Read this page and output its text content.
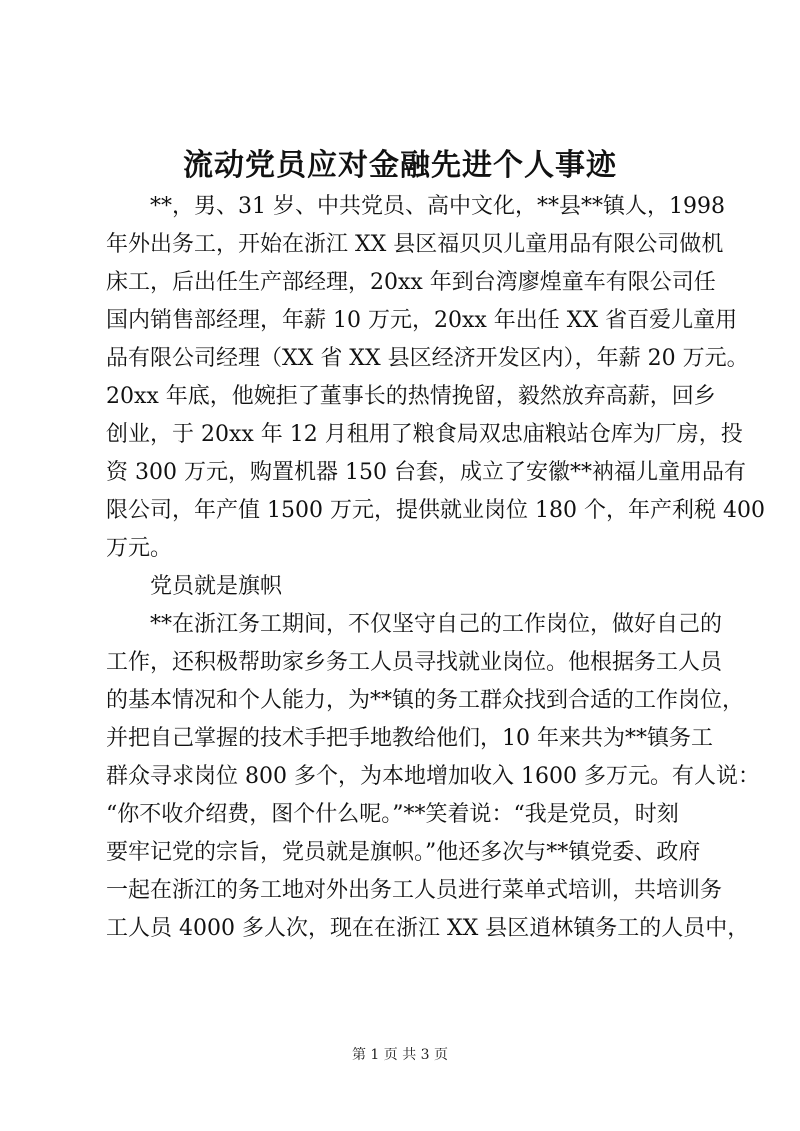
流动党员应对金融先进个人事迹
**，男、31 岁、中共党员、高中文化，**县**镇人，1998
年外出务工，开始在浙江 XX 县区福贝贝儿童用品有限公司做机
床工，后出任生产部经理，20xx 年到台湾廖煌童车有限公司任
国内销售部经理，年薪 10 万元，20xx 年出任 XX 省百爱儿童用
品有限公司经理（XX 省 XX 县区经济开发区内），年薪 20 万元。
20xx 年底，他婉拒了董事长的热情挽留，毅然放弃高薪，回乡
创业，于 20xx 年 12 月租用了粮食局双忠庙粮站仓库为厂房，投
资 300 万元，购置机器 150 台套，成立了安徽**衲福儿童用品有
限公司，年产值 1500 万元，提供就业岗位 180 个，年产利税 400
万元。
党员就是旗帜
**在浙江务工期间，不仅坚守自己的工作岗位，做好自己的
工作，还积极帮助家乡务工人员寻找就业岗位。他根据务工人员
的基本情况和个人能力，为**镇的务工群众找到合适的工作岗位，
并把自己掌握的技术手把手地教给他们，10 年来共为**镇务工
群众寻求岗位 800 多个，为本地增加收入 1600 多万元。有人说：
“你不收介绍费，图个什么呢。”**笑着说：“我是党员，时刻
要牢记党的宗旨，党员就是旗帜。”他还多次与**镇党委、政府
一起在浙江的务工地对外出务工人员进行菜单式培训，共培训务
工人员 4000 多人次，现在在浙江 XX 县区逍林镇务工的人员中，
第 1 页 共 3 页
